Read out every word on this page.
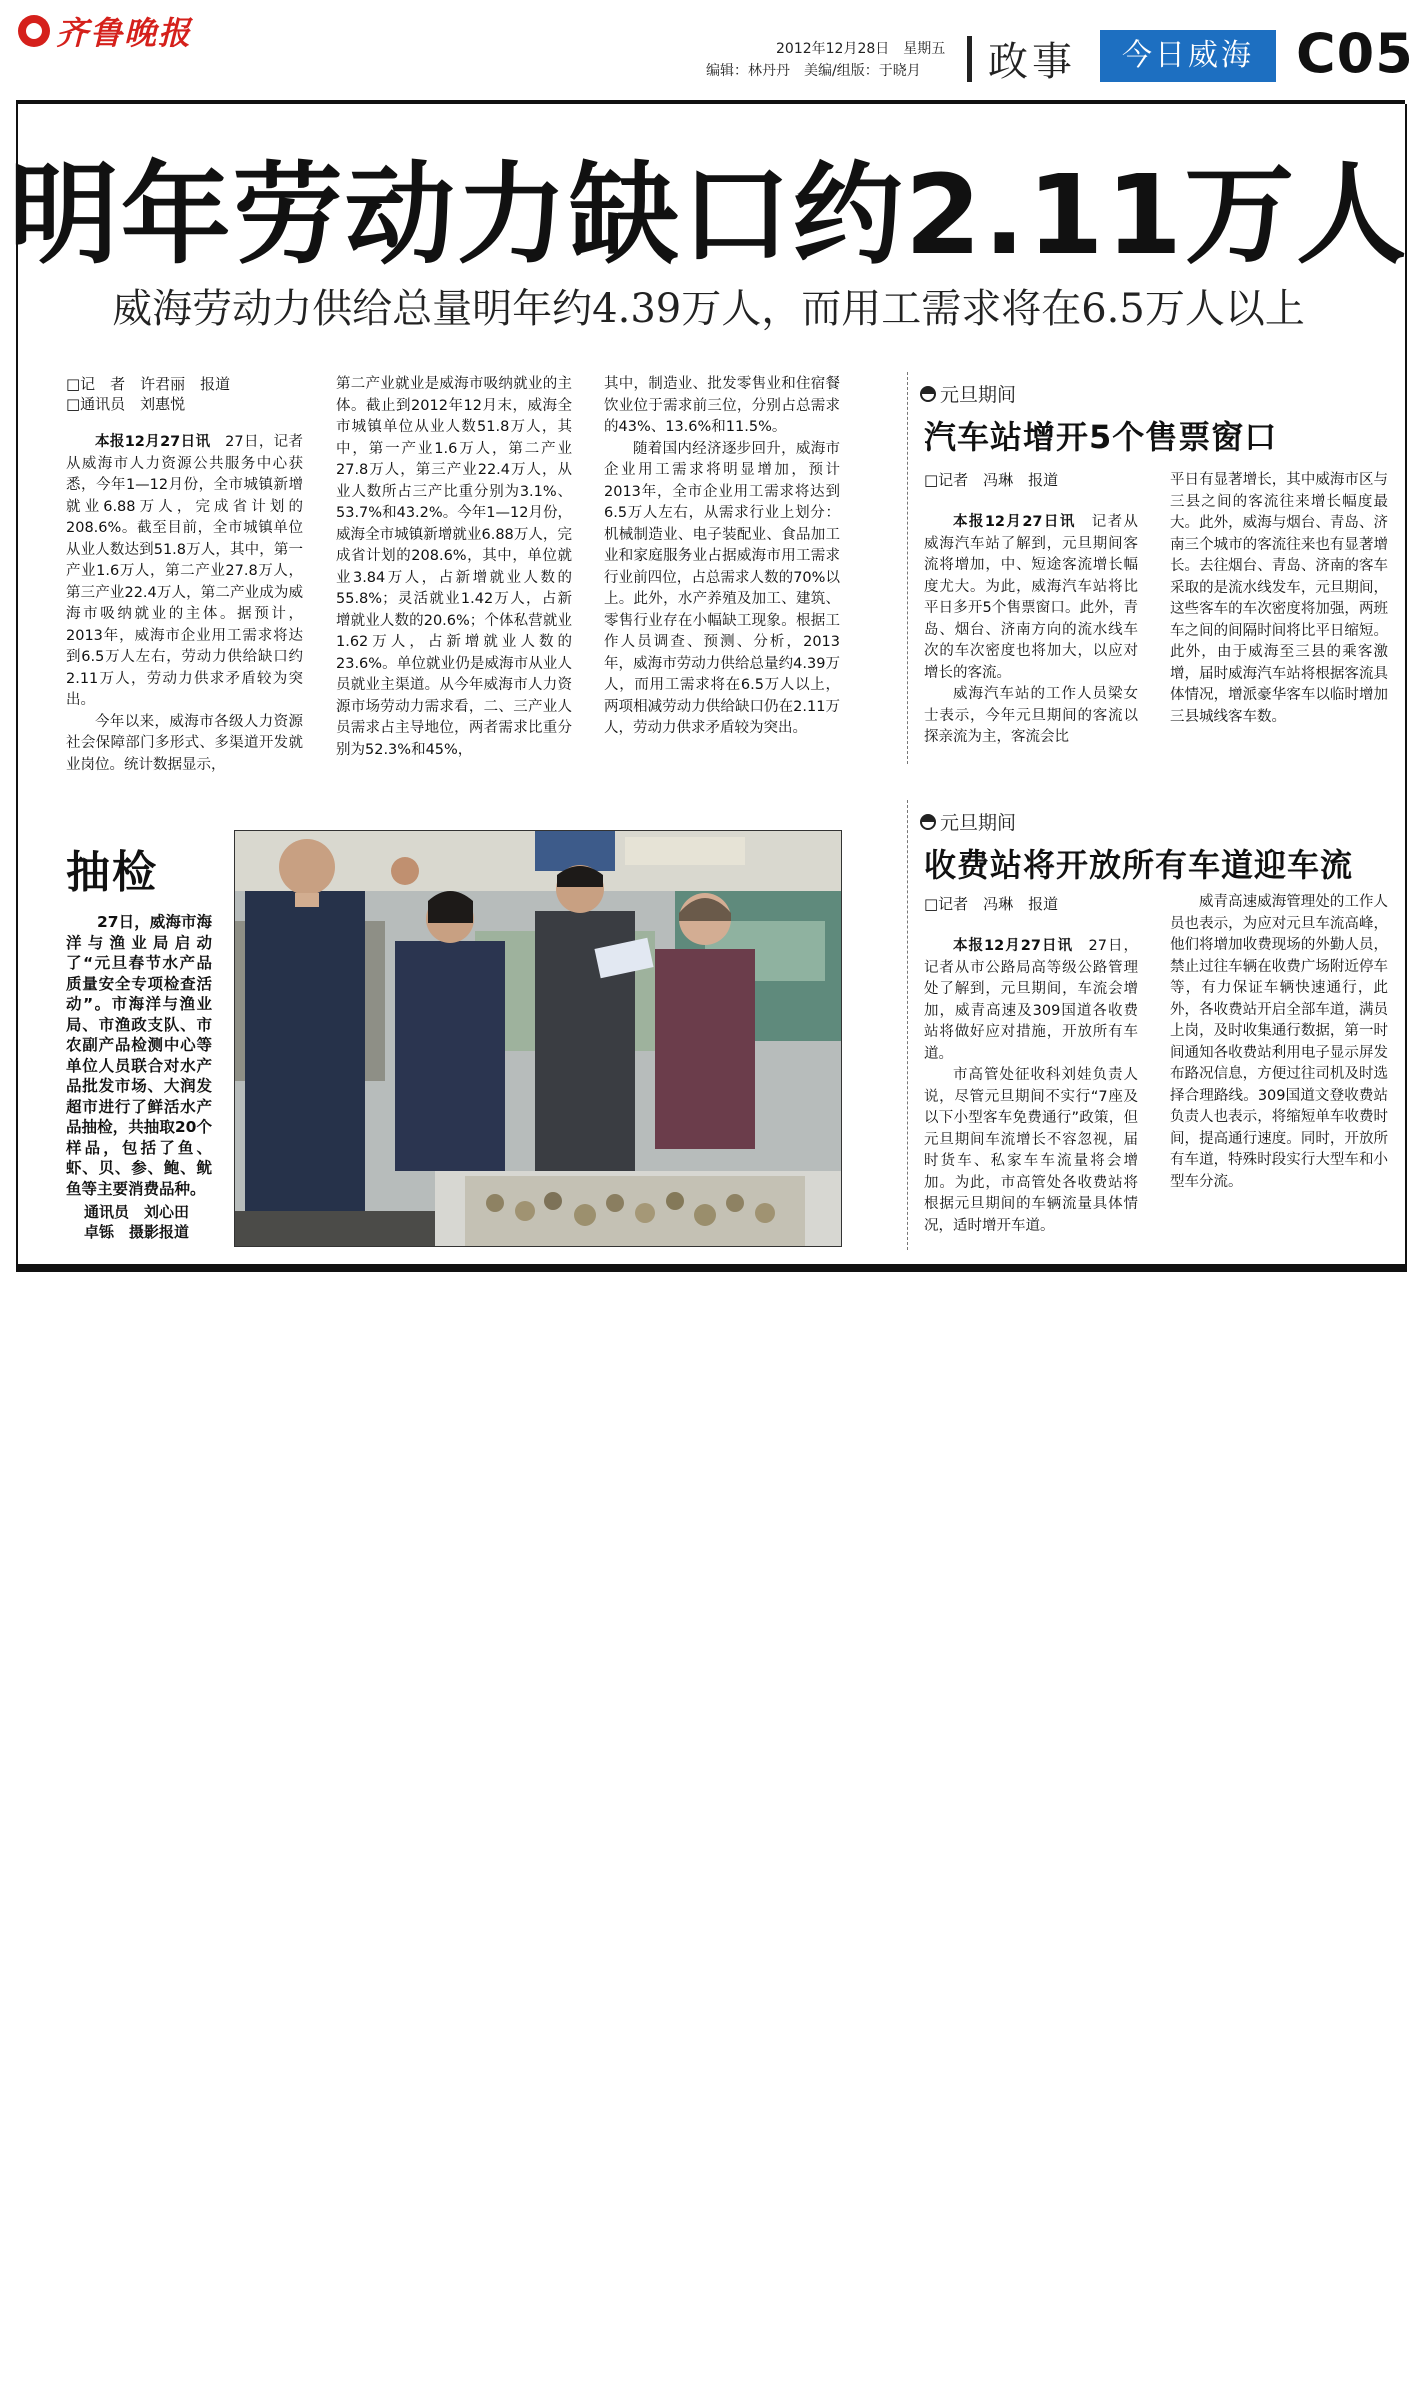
齐鲁晚报	2012年12月28日　星期五
编辑：林丹丹　美编/组版：于晓月 政事	今日威海 C05
明年劳动力缺口约2.11万人
威海劳动力供给总量明年约4.39万人，而用工需求将在6.5万人以上
□记　者　许君丽　报道
□通讯员　刘惠悦

本报12月27日讯　 27日，记者从威海市人力资源公共服务中心获悉，今年1—12月份，全市城镇新增就业6.88万人，完成省计划的208.6%。截至目前，全市城镇单位从业人数达到51.8万人，其中，第一产业1.6万人，第二产业27.8万人，第三产业22.4万人，第二产业成为威海市吸纳就业的主体。据预计，2013年，威海市企业用工需求将达到6.5万人左右，劳动力供给缺口约2.11万人，劳动力供求矛盾较为突出。

今年以来，威海市各级人力资源社会保障部门多形式、多渠道开发就业岗位。统计数据显示，

第二产业就业是威海市吸纳就业的主体。截止到2012年12月末，威海全市城镇单位从业人数51.8万人，其中，第一产业1.6万人，第二产业27.8万人，第三产业22.4万人，从业人数所占三产比重分别为3.1%、53.7%和43.2%。今年1—12月份，威海全市城镇新增就业6.88万人，完成省计划的208.6%，其中，单位就业3.84万人，占新增就业人数的55.8%；灵活就业1.42万人，占新增就业人数的20.6%；个体私营就业1.62万人，占新增就业人数的23.6%。单位就业仍是威海市从业人员就业主渠道。从今年威海市人力资源市场劳动力需求看，二、三产业人员需求占主导地位，两者需求比重分别为52.3%和45%，

其中，制造业、批发零售业和住宿餐饮业位于需求前三位，分别占总需求的43%、13.6%和11.5%。

随着国内经济逐步回升，威海市企业用工需求将明显增加，预计2013年，全市企业用工需求将达到6.5万人左右，从需求行业上划分：机械制造业、电子装配业、食品加工业和家庭服务业占据威海市用工需求行业前四位，占总需求人数的70%以上。此外，水产养殖及加工、建筑、零售行业存在小幅缺工现象。根据工作人员调查、预测、分析，2013年，威海市劳动力供给总量约4.39万人，而用工需求将在6.5万人以上，两项相减劳动力供给缺口仍在2.11万人，劳动力供求矛盾较为突出。

元旦期间
汽车站增开5个售票窗口
□记者　冯琳　报道

本报12月27日讯　 记者从威海汽车站了解到，元旦期间客流将增加，中、短途客流增长幅度尤大。为此，威海汽车站将比平日多开5个售票窗口。此外，青岛、烟台、济南方向的流水线车次的车次密度也将加大，以应对增长的客流。

威海汽车站的工作人员梁女士表示，今年元旦期间的客流以探亲流为主，客流会比

平日有显著增长，其中威海市区与三县之间的客流往来增长幅度最大。此外，威海与烟台、青岛、济南三个城市的客流往来也有显著增长。去往烟台、青岛、济南的客车采取的是流水线发车，元旦期间，这些客车的车次密度将加强，两班车之间的间隔时间将比平日缩短。此外，由于威海至三县的乘客激增，届时威海汽车站将根据客流具体情况，增派豪华客车以临时增加三县城线客车数。

元旦期间
收费站将开放所有车道迎车流
□记者　冯琳　报道

本报12月27日讯　 27日，记者从市公路局高等级公路管理处了解到，元旦期间，车流会增加，威青高速及309国道各收费站将做好应对措施，开放所有车道。

市高管处征收科刘娃负责人说，尽管元旦期间不实行“7座及以下小型客车免费通行”政策，但元旦期间车流增长不容忽视，届时货车、私家车车流量将会增加。为此，市高管处各收费站将根据元旦期间的车辆流量具体情况，适时增开车道。

威青高速威海管理处的工作人员也表示，为应对元旦车流高峰，他们将增加收费现场的外勤人员，禁止过往车辆在收费广场附近停车等，有力保证车辆快速通行，此外，各收费站开启全部车道，满员上岗，及时收集通行数据，第一时间通知各收费站利用电子显示屏发布路况信息，方便过往司机及时选择合理路线。309国道文登收费站负责人也表示，将缩短单车收费时间，提高通行速度。同时，开放所有车道，特殊时段实行大型车和小型车分流。

抽检

27日，威海市海洋与渔业局启动了“元旦春节水产品质量安全专项检查活动”。市海洋与渔业局、市渔政支队、市农副产品检测中心等单位人员联合对水产品批发市场、大润发超市进行了鲜活水产品抽检，共抽取20个样品，包括了鱼、虾、贝、参、鲍、鱿鱼等主要消费品种。

通讯员　刘心田
卓铄　摄影报道
